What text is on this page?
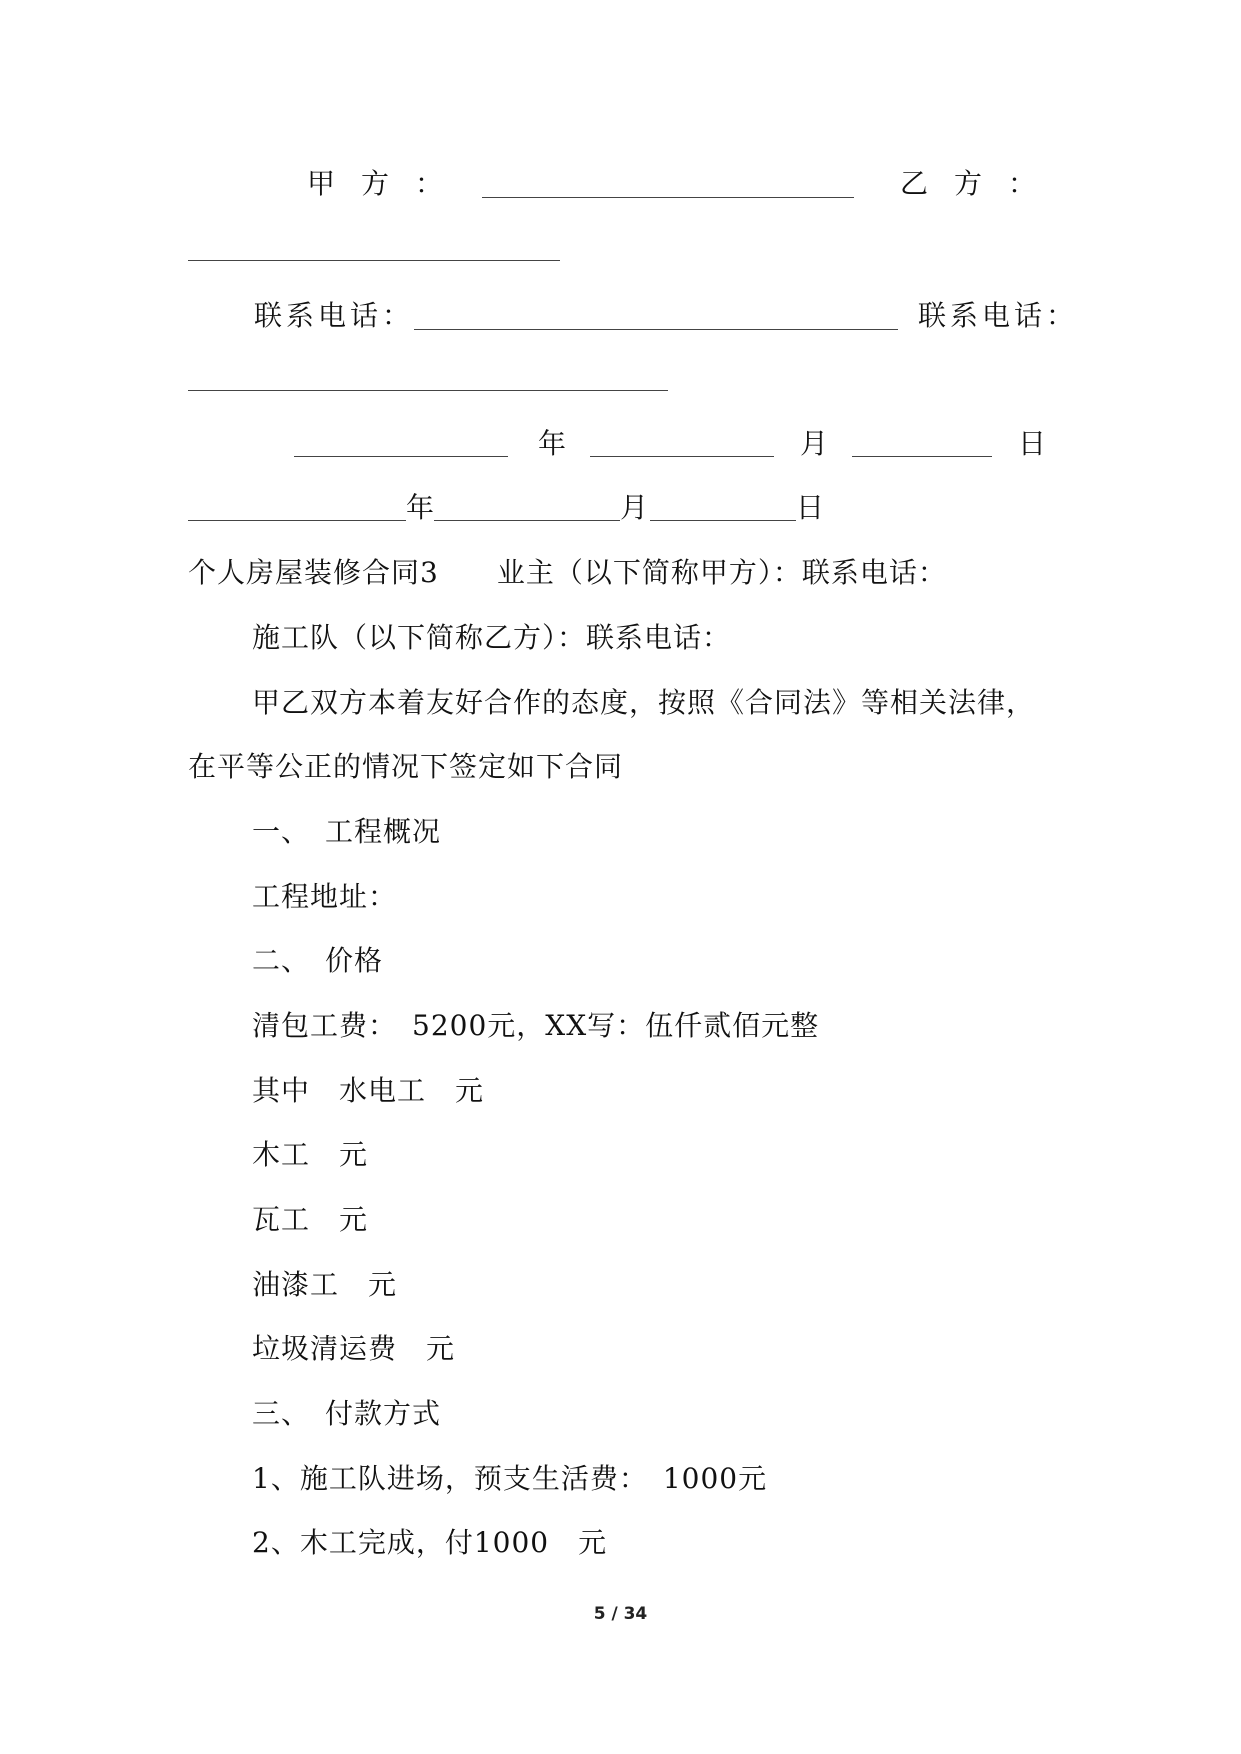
甲方：	乙方：
联系电话：	联系电话：
年	月	日
年	月	日
个人房屋装修合同3　　业主（以下简称甲方）：联系电话：
施工队（以下简称乙方）：联系电话：
甲乙双方本着友好合作的态度，按照《合同法》等相关法律，
在平等公正的情况下签定如下合同
一、　工程概况
工程地址：
二、　价格
清包工费：　5200元，XX写：伍仟贰佰元整
其中　水电工　元
木工　元
瓦工　元
油漆工　元
垃圾清运费　元
三、　付款方式
1、施工队进场，预支生活费：　1000元
2、木工完成，付1000　元
5 / 34
